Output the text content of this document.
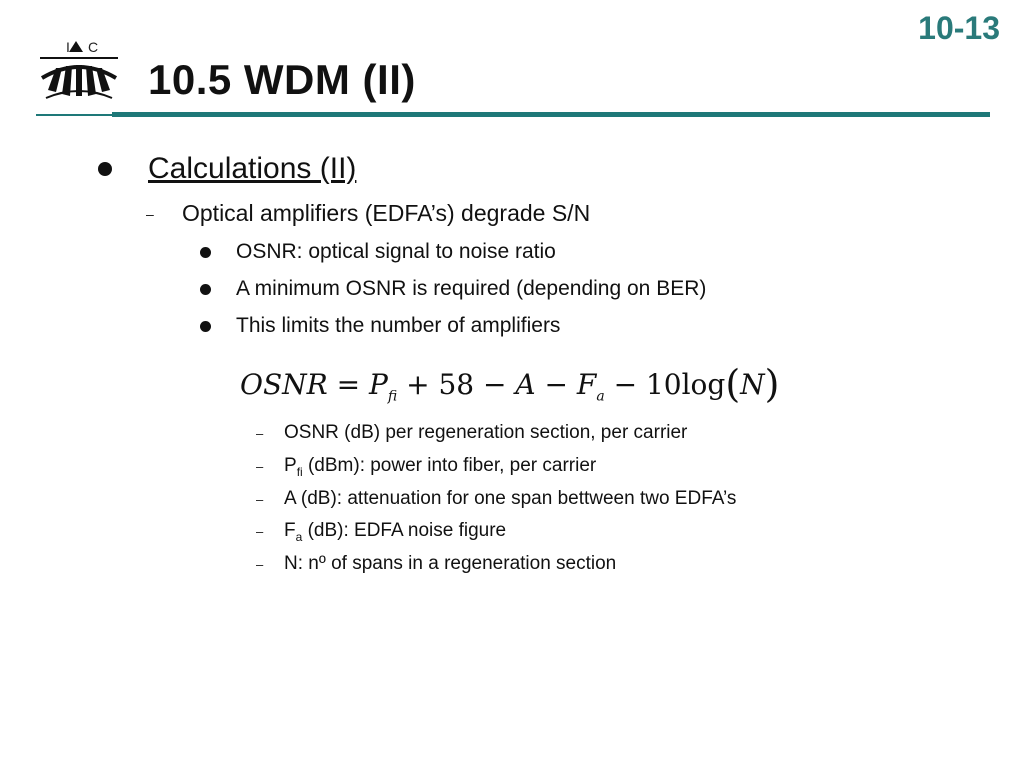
10-13
I C
10.5 WDM (II)
Calculations (II)
–	Optical amplifiers (EDFA’s) degrade S/N
OSNR: optical signal to noise ratio
A minimum OSNR is required (depending on BER)
This limits the number of amplifiers
OSNR = $P_{fi} + 58 - A - F_a - 10\log(N)$
–	OSNR (dB) per regeneration section, per carrier
–	$P_{fi}$ (dBm): power into fiber, per carrier
–	A (dB): attenuation for one span bettween two EDFA’s
–	$F_a$ (dB): EDFA noise figure
–	N: nº of spans in a regeneration section
